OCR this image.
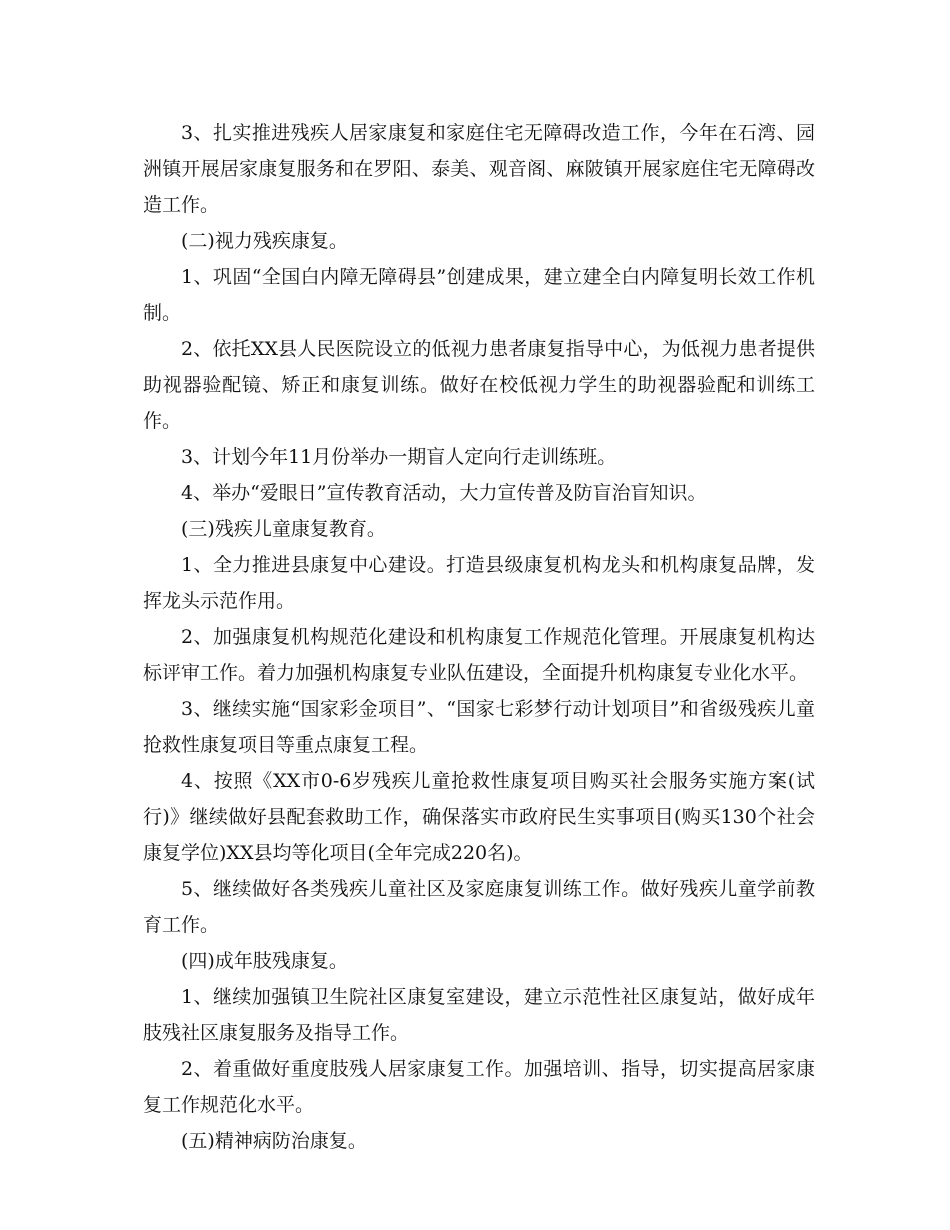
3、扎实推进残疾人居家康复和家庭住宅无障碍改造工作，今年在石湾、园洲镇开展居家康复服务和在罗阳、泰美、观音阁、麻陂镇开展家庭住宅无障碍改造工作。

(二)视力残疾康复。

1、巩固“全国白内障无障碍县”创建成果，建立建全白内障复明长效工作机制。

2、依托XX县人民医院设立的低视力患者康复指导中心，为低视力患者提供助视器验配镜、矫正和康复训练。做好在校低视力学生的助视器验配和训练工作。

3、计划今年11月份举办一期盲人定向行走训练班。

4、举办“爱眼日”宣传教育活动，大力宣传普及防盲治盲知识。

(三)残疾儿童康复教育。

1、全力推进县康复中心建设。打造县级康复机构龙头和机构康复品牌，发挥龙头示范作用。

2、加强康复机构规范化建设和机构康复工作规范化管理。开展康复机构达标评审工作。着力加强机构康复专业队伍建设，全面提升机构康复专业化水平。

3、继续实施“国家彩金项目”、“国家七彩梦行动计划项目”和省级残疾儿童抢救性康复项目等重点康复工程。

4、按照《XX市0-6岁残疾儿童抢救性康复项目购买社会服务实施方案(试行)》继续做好县配套救助工作，确保落实市政府民生实事项目(购买130个社会康复学位)XX县均等化项目(全年完成220名)。

5、继续做好各类残疾儿童社区及家庭康复训练工作。做好残疾儿童学前教育工作。

(四)成年肢残康复。

1、继续加强镇卫生院社区康复室建设，建立示范性社区康复站，做好成年肢残社区康复服务及指导工作。

2、着重做好重度肢残人居家康复工作。加强培训、指导，切实提高居家康复工作规范化水平。

(五)精神病防治康复。
